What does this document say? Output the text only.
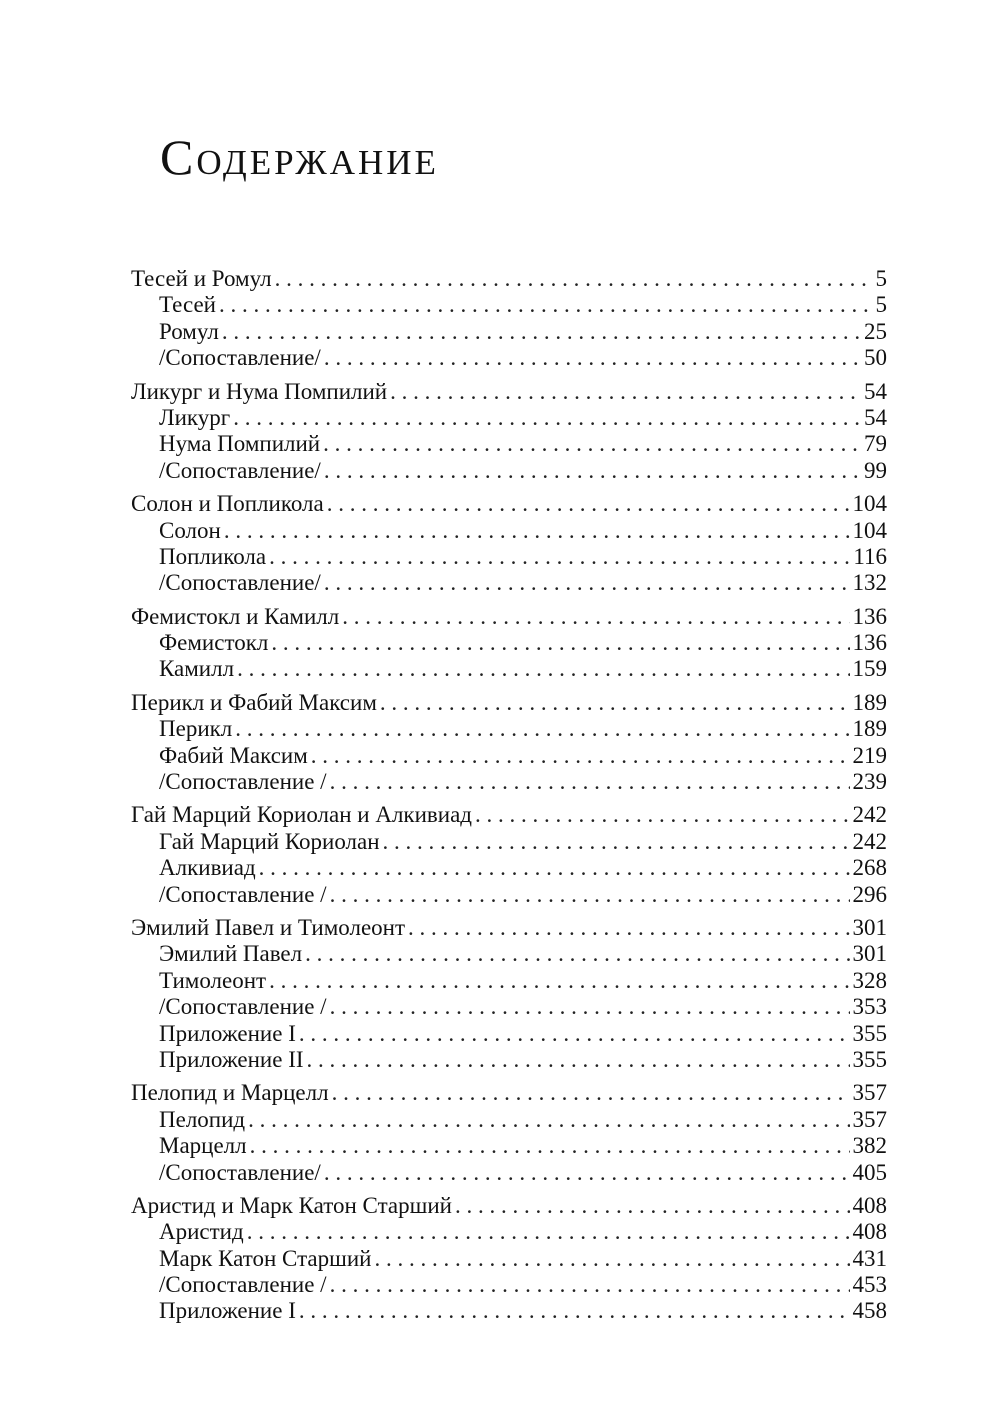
Содержание
Тесей и Ромул . . .	5
Тесей . . .	5
Ромул . . .	25
/Сопоставление/ . . .	50
Ликург и Нума Помпилий . . .	54
Ликург . . .	54
Нума Помпилий . . .	79
/Сопоставление/ . . .	99
Солон и Попликола . . .	104
Солон . . .	104
Попликола . . .	116
/Сопоставление/ . . .	132
Фемистокл и Камилл . . .	136
Фемистокл . . .	136
Камилл . . .	159
Перикл и Фабий Максим . . .	189
Перикл . . .	189
Фабий Максим . . .	219
/Сопоставление / . . .	239
Гай Марций Кориолан и Алкивиад . . .	242
Гай Марций Кориолан . . .	242
Алкивиад . . .	268
/Сопоставление / . . .	296
Эмилий Павел и Тимолеонт . . .	301
Эмилий Павел . . .	301
Тимолеонт . . .	328
/Сопоставление / . . .	353
Приложение I . . .	355
Приложение II . . .	355
Пелопид и Марцелл . . .	357
Пелопид . . .	357
Марцелл . . .	382
/Сопоставление/ . . .	405
Аристид и Марк Катон Старший . . .	408
Аристид . . .	408
Марк Катон Старший . . .	431
/Сопоставление / . . .	453
Приложение I . . .	458
